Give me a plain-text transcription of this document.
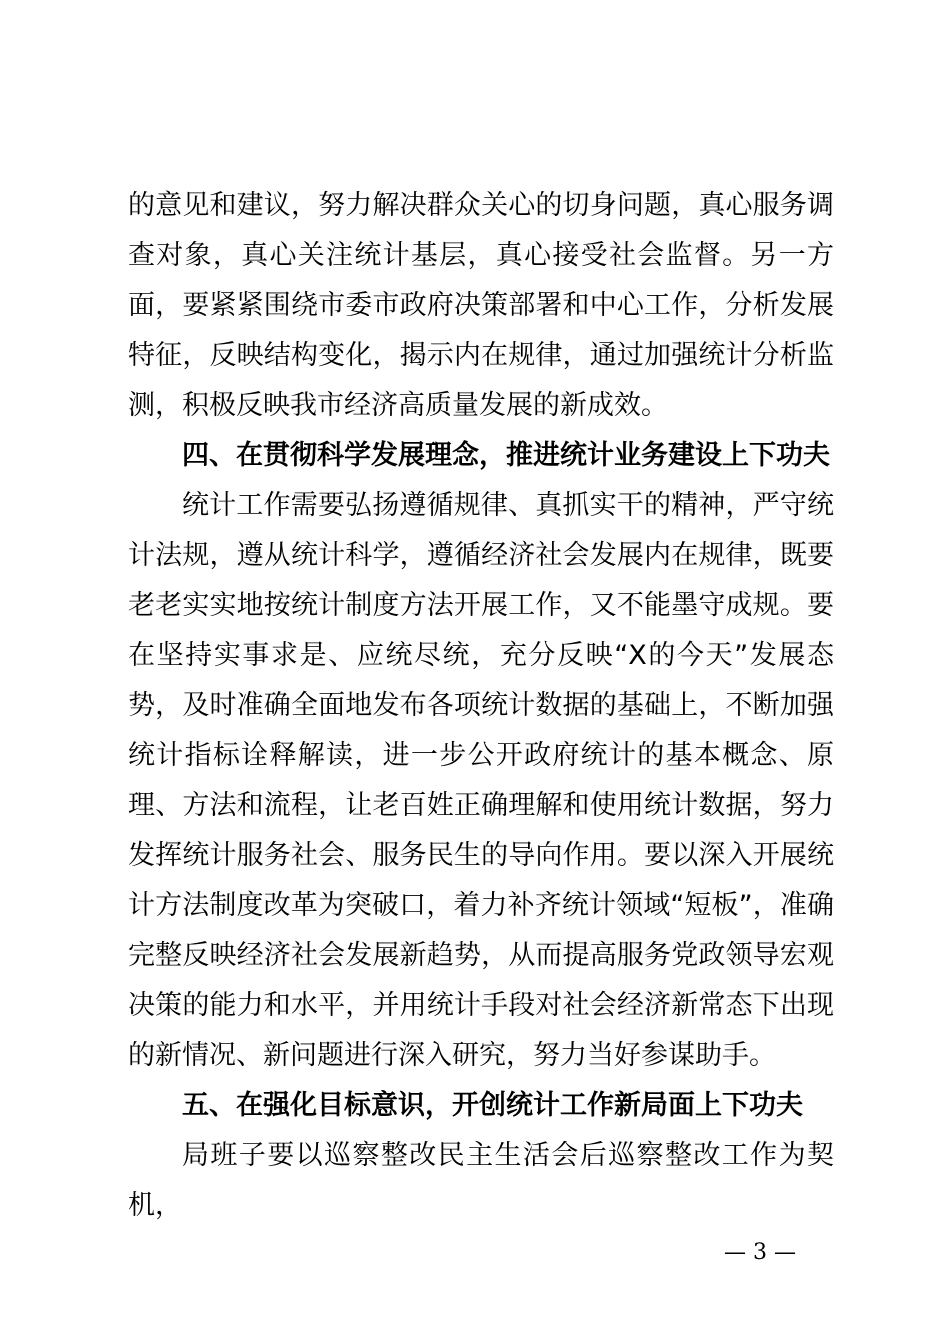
的意见和建议，努力解决群众关心的切身问题，真心服务调查对象，真心关注统计基层，真心接受社会监督。另一方面，要紧紧围绕市委市政府决策部署和中心工作，分析发展特征，反映结构变化，揭示内在规律，通过加强统计分析监测，积极反映我市经济高质量发展的新成效。

四、在贯彻科学发展理念，推进统计业务建设上下功夫

统计工作需要弘扬遵循规律、真抓实干的精神，严守统计法规，遵从统计科学，遵循经济社会发展内在规律，既要老老实实地按统计制度方法开展工作，又不能墨守成规。要在坚持实事求是、应统尽统，充分反映“X的今天”发展态势，及时准确全面地发布各项统计数据的基础上，不断加强统计指标诠释解读，进一步公开政府统计的基本概念、原理、方法和流程，让老百姓正确理解和使用统计数据，努力发挥统计服务社会、服务民生的导向作用。要以深入开展统计方法制度改革为突破口，着力补齐统计领域“短板”，准确完整反映经济社会发展新趋势，从而提高服务党政领导宏观决策的能力和水平，并用统计手段对社会经济新常态下出现的新情况、新问题进行深入研究，努力当好参谋助手。

五、在强化目标意识，开创统计工作新局面上下功夫

局班子要以巡察整改民主生活会后巡察整改工作为契机，

— 3 —
